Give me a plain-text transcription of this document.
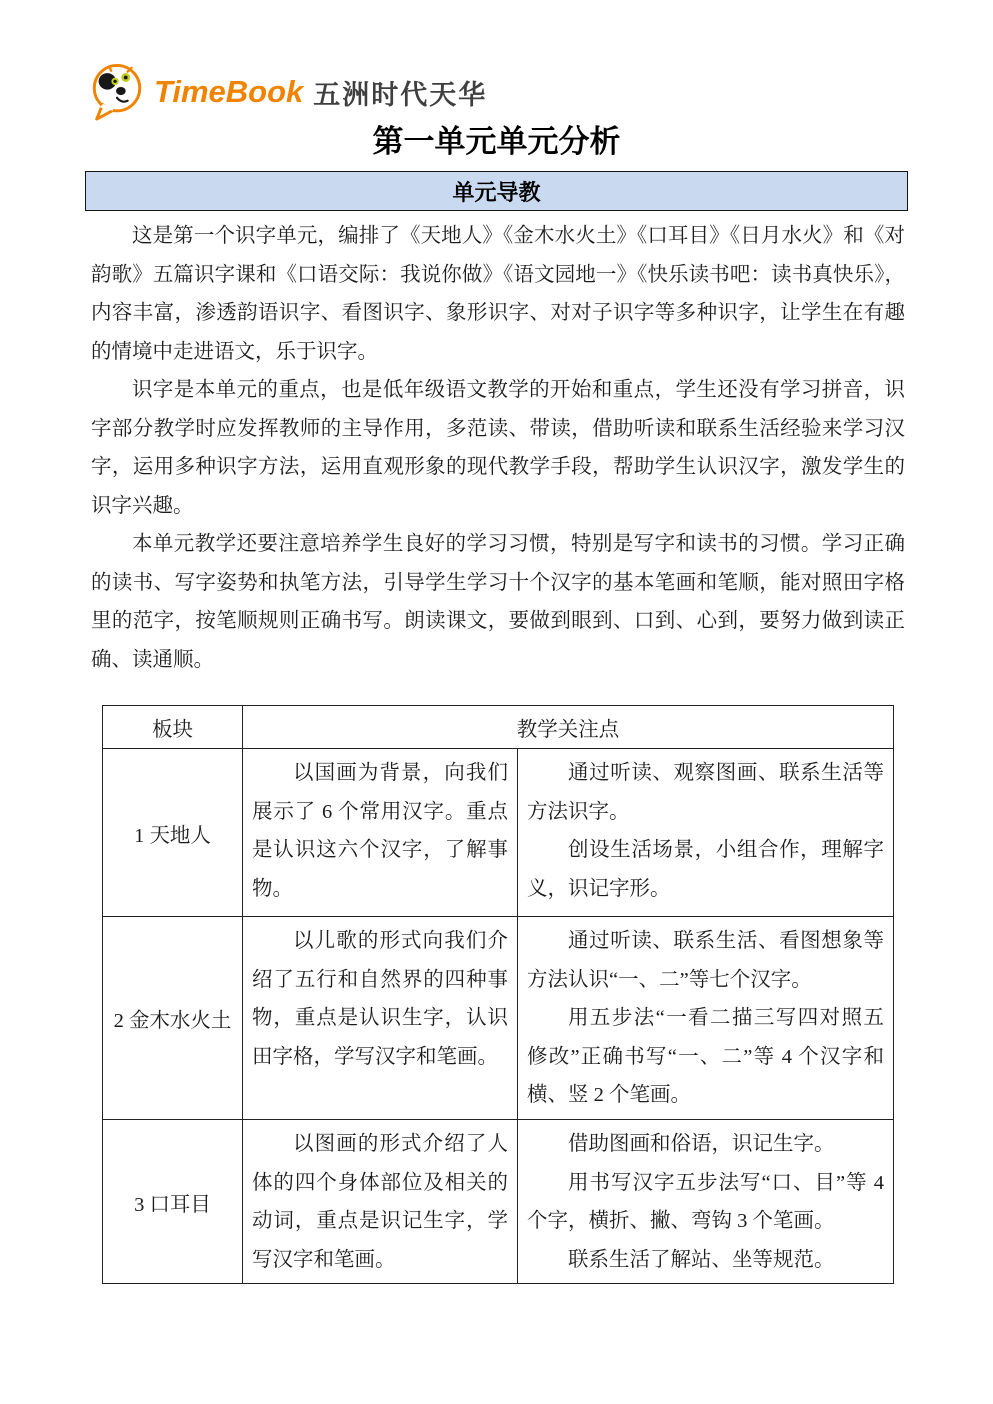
TimeBook 五洲时代天华
第一单元单元分析
单元导教

这是第一个识字单元，编排了《天地人》《金木水火土》《口耳目》《日月水火》和《对韵歌》五篇识字课和《口语交际：我说你做》《语文园地一》《快乐读书吧：读书真快乐》，内容丰富，渗透韵语识字、看图识字、象形识字、对对子识字等多种识字，让学生在有趣的情境中走进语文，乐于识字。

识字是本单元的重点，也是低年级语文教学的开始和重点，学生还没有学习拼音，识字部分教学时应发挥教师的主导作用，多范读、带读，借助听读和联系生活经验来学习汉字，运用多种识字方法，运用直观形象的现代教学手段，帮助学生认识汉字，激发学生的识字兴趣。

本单元教学还要注意培养学生良好的学习习惯，特别是写字和读书的习惯。学习正确的读书、写字姿势和执笔方法，引导学生学习十个汉字的基本笔画和笔顺，能对照田字格里的范字，按笔顺规则正确书写。朗读课文，要做到眼到、口到、心到，要努力做到读正确、读通顺。

板块	教学关注点	
1 天地人	以国画为背景，向我们展示了 6 个常用汉字。重点是认识这六个汉字，了解事物。	通过听读、观察图画、联系生活等方法识字。

创设生活场景，小组合作，理解字义，识记字形。

2 金木水火土	以儿歌的形式向我们介绍了五行和自然界的四种事物，重点是认识生字，认识田字格，学写汉字和笔画。	通过听读、联系生活、看图想象等方法认识“一、二”等七个汉字。

用五步法“一看二描三写四对照五修改”正确书写“一、二”等 4 个汉字和横、竖 2 个笔画。

3 口耳目	以图画的形式介绍了人体的四个身体部位及相关的动词，重点是识记生字，学写汉字和笔画。	借助图画和俗语，识记生字。

用书写汉字五步法写“口、目”等 4 个字，横折、撇、弯钩 3 个笔画。

联系生活了解站、坐等规范。
